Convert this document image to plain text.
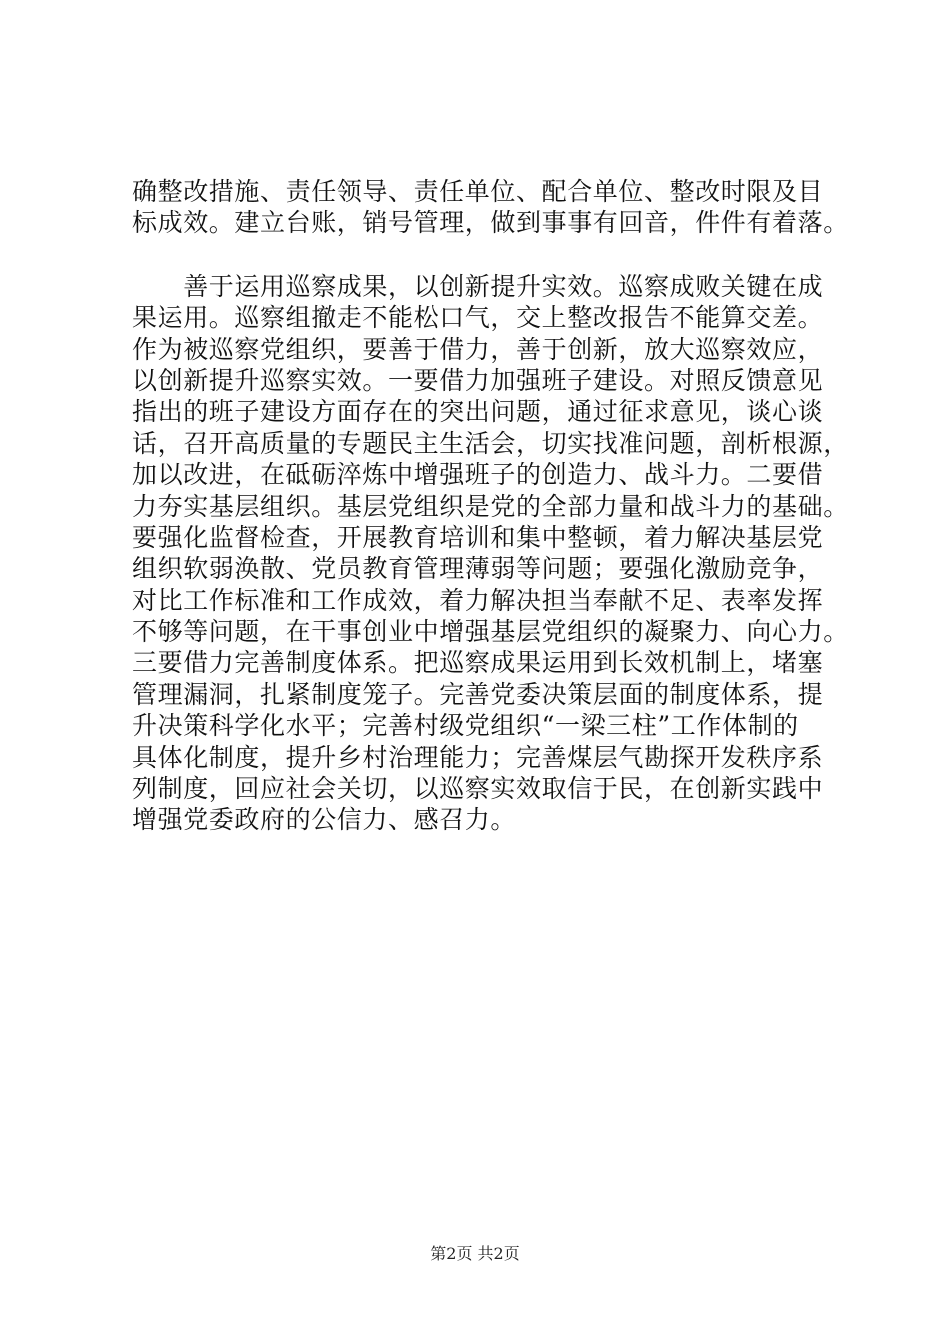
确整改措施、责任领导、责任单位、配合单位、整改时限及目
标成效。建立台账，销号管理，做到事事有回音，件件有着落。
　　善于运用巡察成果，以创新提升实效。巡察成败关键在成
果运用。巡察组撤走不能松口气，交上整改报告不能算交差。
作为被巡察党组织，要善于借力，善于创新，放大巡察效应，
以创新提升巡察实效。一要借力加强班子建设。对照反馈意见
指出的班子建设方面存在的突出问题，通过征求意见，谈心谈
话，召开高质量的专题民主生活会，切实找准问题，剖析根源，
加以改进，在砥砺淬炼中增强班子的创造力、战斗力。二要借
力夯实基层组织。基层党组织是党的全部力量和战斗力的基础。
要强化监督检查，开展教育培训和集中整顿，着力解决基层党
组织软弱涣散、党员教育管理薄弱等问题；要强化激励竞争，
对比工作标准和工作成效，着力解决担当奉献不足、表率发挥
不够等问题，在干事创业中增强基层党组织的凝聚力、向心力。
三要借力完善制度体系。把巡察成果运用到长效机制上，堵塞
管理漏洞，扎紧制度笼子。完善党委决策层面的制度体系，提
升决策科学化水平；完善村级党组织“一梁三柱”工作体制的
具体化制度，提升乡村治理能力；完善煤层气勘探开发秩序系
列制度，回应社会关切，以巡察实效取信于民，在创新实践中
增强党委政府的公信力、感召力。
第2页 共2页
